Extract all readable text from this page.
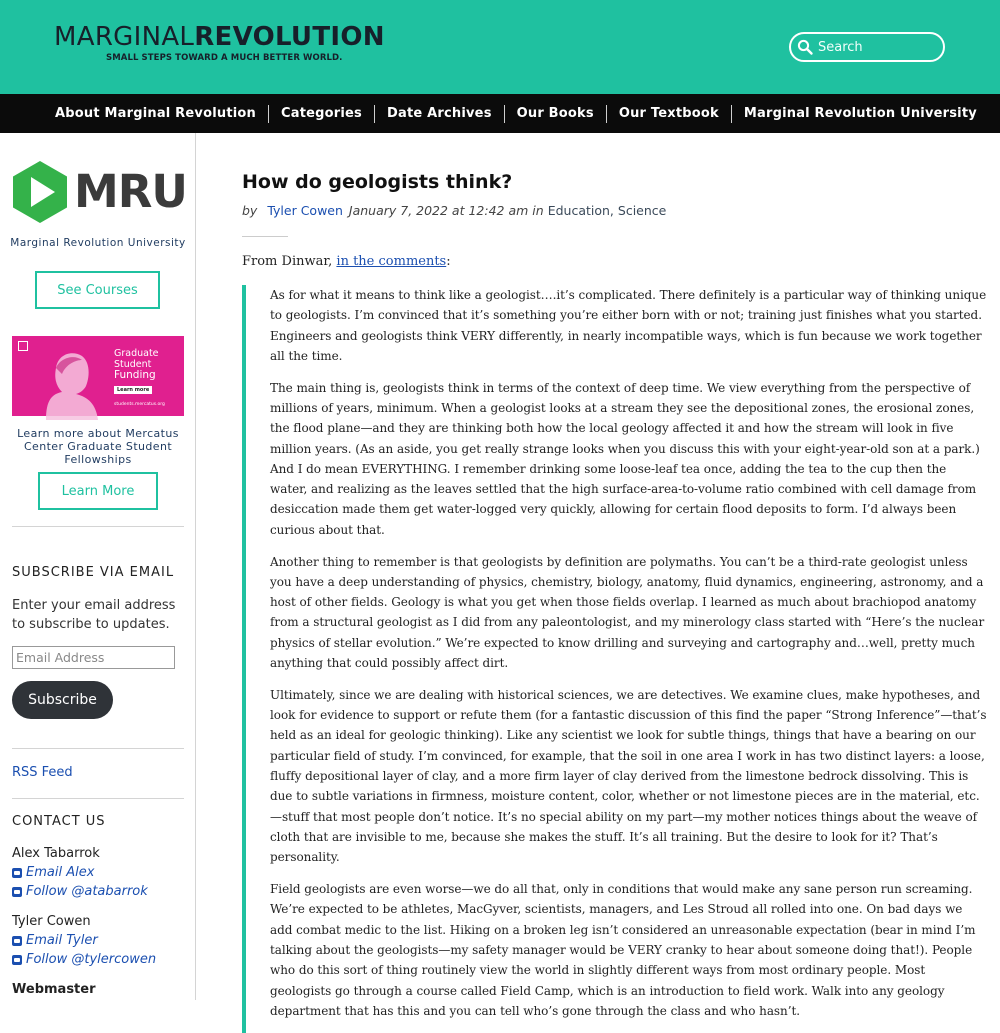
MARGINALREVOLUTION
SMALL STEPS TOWARD A MUCH BETTER WORLD.
Search
About Marginal Revolution Categories Date Archives Our Books Our Textbook Marginal Revolution University
MRU
Marginal Revolution University
See Courses
Graduate
Student
Funding
Learn more
students.mercatus.org
Learn more about Mercatus Center Graduate Student Fellowships
Learn More
SUBSCRIBE VIA EMAIL
Enter your email address to subscribe to updates.
Email Address
Subscribe
RSS Feed
CONTACT US
Alex Tabarrok
Email Alex
Follow @atabarrok
Tyler Cowen
Email Tyler
Follow @tylercowen
Webmaster
How do geologists think?
by Tyler Cowen January 7, 2022 at 12:42 am in Education, Science
From Dinwar, in the comments:

As for what it means to think like a geologist….it’s complicated. There definitely is a particular way of thinking unique to geologists. I’m convinced that it’s something you’re either born with or not; training just finishes what you started. Engineers and geologists think VERY differently, in nearly incompatible ways, which is fun because we work together all the time.

The main thing is, geologists think in terms of the context of deep time. We view everything from the perspective of millions of years, minimum. When a geologist looks at a stream they see the depositional zones, the erosional zones, the flood plane—and they are thinking both how the local geology affected it and how the stream will look in five million years. (As an aside, you get really strange looks when you discuss this with your eight-year-old son at a park.) And I do mean EVERYTHING. I remember drinking some loose-leaf tea once, adding the tea to the cup then the water, and realizing as the leaves settled that the high surface-area-to-volume ratio combined with cell damage from desiccation made them get water-logged very quickly, allowing for certain flood deposits to form. I’d always been curious about that.

Another thing to remember is that geologists by definition are polymaths. You can’t be a third-rate geologist unless you have a deep understanding of physics, chemistry, biology, anatomy, fluid dynamics, engineering, astronomy, and a host of other fields. Geology is what you get when those fields overlap. I learned as much about brachiopod anatomy from a structural geologist as I did from any paleontologist, and my minerology class started with “Here’s the nuclear physics of stellar evolution.” We’re expected to know drilling and surveying and cartography and…well, pretty much anything that could possibly affect dirt.

Ultimately, since we are dealing with historical sciences, we are detectives. We examine clues, make hypotheses, and look for evidence to support or refute them (for a fantastic discussion of this find the paper “Strong Inference”—that’s held as an ideal for geologic thinking). Like any scientist we look for subtle things, things that have a bearing on our particular field of study. I’m convinced, for example, that the soil in one area I work in has two distinct layers: a loose, fluffy depositional layer of clay, and a more firm layer of clay derived from the limestone bedrock dissolving. This is due to subtle variations in firmness, moisture content, color, whether or not limestone pieces are in the material, etc.—stuff that most people don’t notice. It’s no special ability on my part—my mother notices things about the weave of cloth that are invisible to me, because she makes the stuff. It’s all training. But the desire to look for it? That’s personality.

Field geologists are even worse—we do all that, only in conditions that would make any sane person run screaming. We’re expected to be athletes, MacGyver, scientists, managers, and Les Stroud all rolled into one. On bad days we add combat medic to the list. Hiking on a broken leg isn’t considered an unreasonable expectation (bear in mind I’m talking about the geologists—my safety manager would be VERY cranky to hear about someone doing that!). People who do this sort of thing routinely view the world in slightly different ways from most ordinary people. Most geologists go through a course called Field Camp, which is an introduction to field work. Walk into any geology department that has this and you can tell who’s gone through the class and who hasn’t.
